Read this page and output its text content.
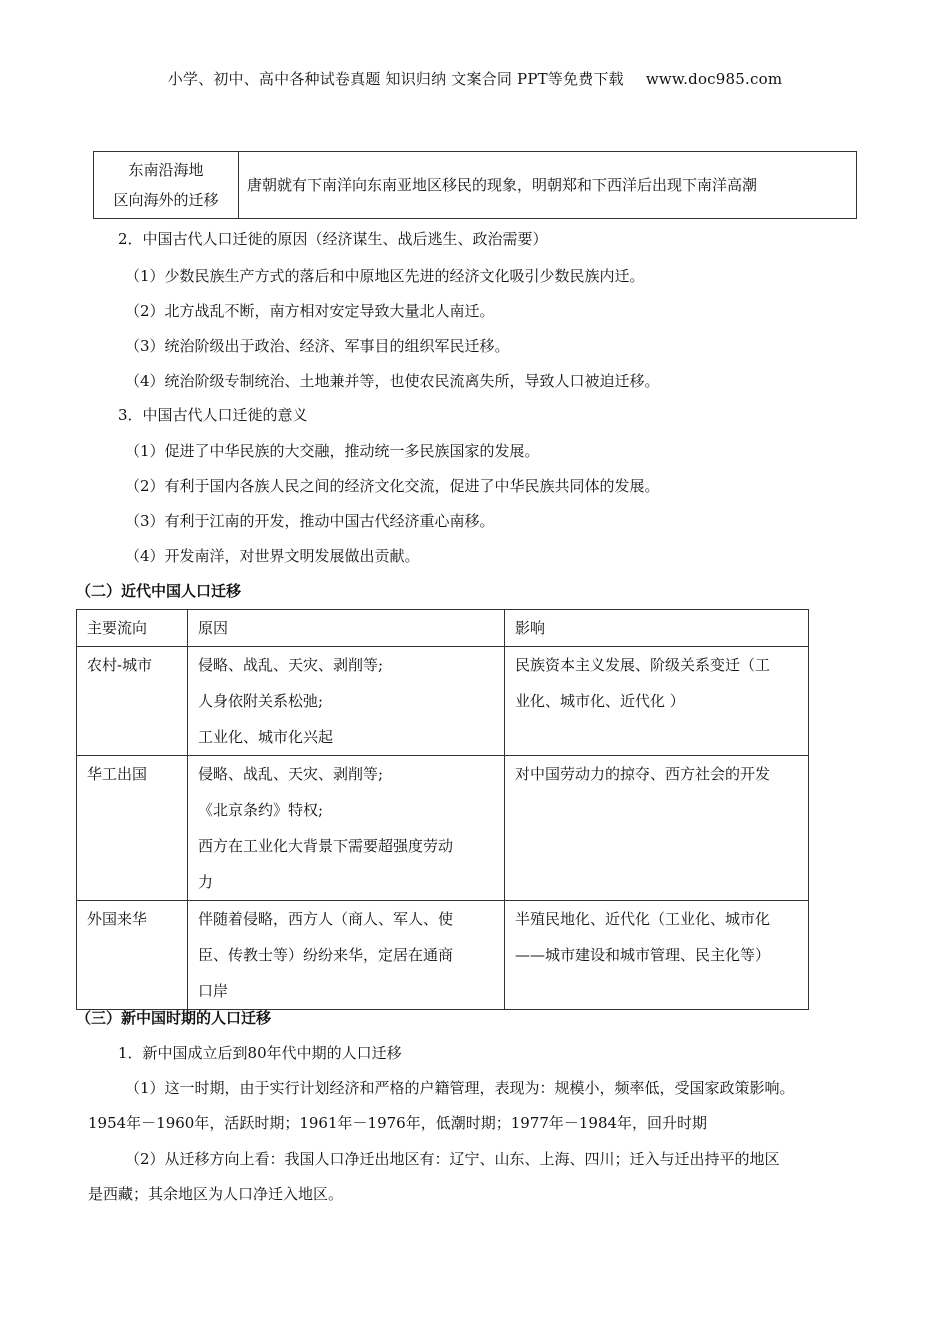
小学、初中、高中各种试卷真题 知识归纳 文案合同 PPT等免费下载 www.doc985.com
东南沿海地
区向海外的迁移
	唐朝就有下南洋向东南亚地区移民的现象，明朝郑和下西洋后出现下南洋高潮
2．中国古代人口迁徙的原因（经济谋生、战后逃生、政治需要）
（1）少数民族生产方式的落后和中原地区先进的经济文化吸引少数民族内迁。
（2）北方战乱不断，南方相对安定导致大量北人南迁。
（3）统治阶级出于政治、经济、军事目的组织军民迁移。
（4）统治阶级专制统治、土地兼并等，也使农民流离失所，导致人口被迫迁移。
3．中国古代人口迁徙的意义
（1）促进了中华民族的大交融，推动统一多民族国家的发展。
（2）有利于国内各族人民之间的经济文化交流，促进了中华民族共同体的发展。
（3）有利于江南的开发，推动中国古代经济重心南移。
（4）开发南洋，对世界文明发展做出贡献。
（二）近代中国人口迁移
主要流向	原因	影响
农村-城市	侵略、战乱、天灾、剥削等;
人身依附关系松弛;
工业化、城市化兴起	民族资本主义发展、阶级关系变迁（工
业化、城市化、近代化 ）

华工出国	侵略、战乱、天灾、剥削等;
《北京条约》特权;
西方在工业化大背景下需要超强度劳动
力	对中国劳动力的掠夺、西方社会的开发

外国来华	伴随着侵略，西方人（商人、军人、使
臣、传教士等）纷纷来华，定居在通商
口岸	半殖民地化、近代化（工业化、城市化
——城市建设和城市管理、民主化等）
（三）新中国时期的人口迁移
1．新中国成立后到80年代中期的人口迁移
（1）这一时期，由于实行计划经济和严格的户籍管理，表现为：规模小，频率低，受国家政策影响。
1954年－1960年，活跃时期；1961年－1976年，低潮时期；1977年－1984年，回升时期
（2）从迁移方向上看：我国人口净迁出地区有：辽宁、山东、上海、四川；迁入与迁出持平的地区
是西藏；其余地区为人口净迁入地区。
